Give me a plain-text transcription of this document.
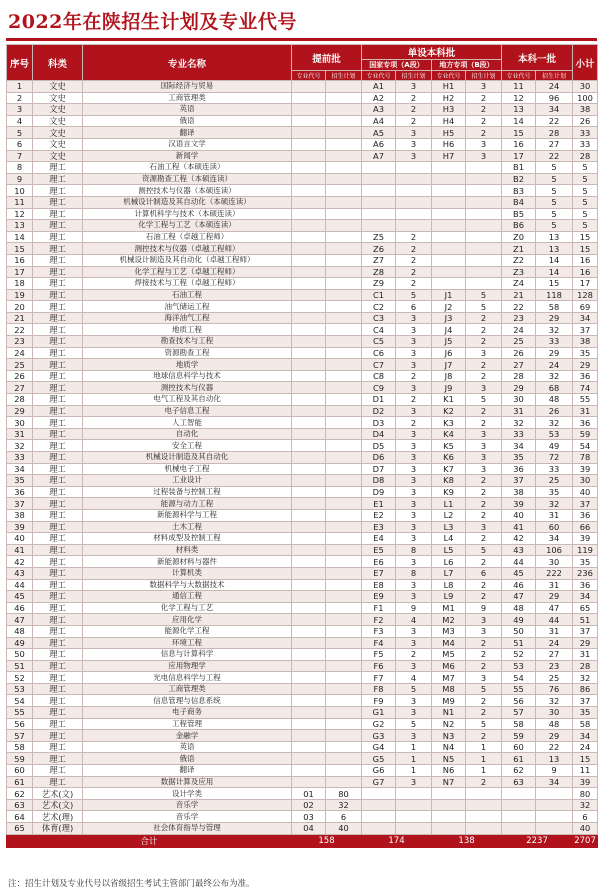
2022年在陕招生计划及专业代号
序号	科类	专业名称	提前批		单设本科批				本科一批		小计
					国家专项（A段）		地方专项（B段）				
			专业代号	招生计划	专业代号	招生计划	专业代号	招生计划	专业代号	招生计划	
1	文史	国际经济与贸易			A1	3	H1	3	11	24	30
2	文史	工商管理类			A2	2	H2	2	12	96	100
3	文史	英语			A3	2	H3	2	13	34	38
4	文史	俄语			A4	2	H4	2	14	22	26
5	文史	翻译			A5	3	H5	2	15	28	33
6	文史	汉语言文学			A6	3	H6	3	16	27	33
7	文史	新闻学			A7	3	H7	3	17	22	28
8	理工	石油工程（本硕连读）							B1	5	5
9	理工	资源勘查工程（本硕连读）							B2	5	5
10	理工	测控技术与仪器（本硕连读）							B3	5	5
11	理工	机械设计制造及其自动化（本硕连读）							B4	5	5
12	理工	计算机科学与技术（本硕连读）							B5	5	5
13	理工	化学工程与工艺（本硕连读）							B6	5	5
14	理工	石油工程（卓越工程师）			Z5	2			Z0	13	15
15	理工	测控技术与仪器（卓越工程师）			Z6	2			Z1	13	15
16	理工	机械设计制造及其自动化（卓越工程师）			Z7	2			Z2	14	16
17	理工	化学工程与工艺（卓越工程师）			Z8	2			Z3	14	16
18	理工	焊接技术与工程（卓越工程师）			Z9	2			Z4	15	17
19	理工	石油工程			C1	5	J1	5	21	118	128
20	理工	油气储运工程			C2	6	J2	5	22	58	69
21	理工	海洋油气工程			C3	3	J3	2	23	29	34
22	理工	地质工程			C4	3	J4	2	24	32	37
23	理工	勘查技术与工程			C5	3	J5	2	25	33	38
24	理工	资源勘查工程			C6	3	J6	3	26	29	35
25	理工	地质学			C7	3	J7	2	27	24	29
26	理工	地球信息科学与技术			C8	2	J8	2	28	32	36
27	理工	测控技术与仪器			C9	3	J9	3	29	68	74
28	理工	电气工程及其自动化			D1	2	K1	5	30	48	55
29	理工	电子信息工程			D2	3	K2	2	31	26	31
30	理工	人工智能			D3	2	K3	2	32	32	36
31	理工	自动化			D4	3	K4	3	33	53	59
32	理工	安全工程			D5	3	K5	3	34	49	54
33	理工	机械设计制造及其自动化			D6	3	K6	3	35	72	78
34	理工	机械电子工程			D7	3	K7	3	36	33	39
35	理工	工业设计			D8	3	K8	2	37	25	30
36	理工	过程装备与控制工程			D9	3	K9	2	38	35	40
37	理工	能源与动力工程			E1	3	L1	2	39	32	37
38	理工	新能源科学与工程			E2	3	L2	2	40	31	36
39	理工	土木工程			E3	3	L3	3	41	60	66
40	理工	材料成型及控制工程			E4	3	L4	2	42	34	39
41	理工	材料类			E5	8	L5	5	43	106	119
42	理工	新能源材料与器件			E6	3	L6	2	44	30	35
43	理工	计算机类			E7	8	L7	6	45	222	236
44	理工	数据科学与大数据技术			E8	3	L8	2	46	31	36
45	理工	通信工程			E9	3	L9	2	47	29	34
46	理工	化学工程与工艺			F1	9	M1	9	48	47	65
47	理工	应用化学			F2	4	M2	3	49	44	51
48	理工	能源化学工程			F3	3	M3	3	50	31	37
49	理工	环境工程			F4	3	M4	2	51	24	29
50	理工	信息与计算科学			F5	2	M5	2	52	27	31
51	理工	应用物理学			F6	3	M6	2	53	23	28
52	理工	光电信息科学与工程			F7	4	M7	3	54	25	32
53	理工	工商管理类			F8	5	M8	5	55	76	86
54	理工	信息管理与信息系统			F9	3	M9	2	56	32	37
55	理工	电子商务			G1	3	N1	2	57	30	35
56	理工	工程管理			G2	5	N2	5	58	48	58
57	理工	金融学			G3	3	N3	2	59	29	34
58	理工	英语			G4	1	N4	1	60	22	24
59	理工	俄语			G5	1	N5	1	61	13	15
60	理工	翻译			G6	1	N6	1	62	9	11
61	理工	数据计算及应用			G7	3	N7	2	63	34	39
62	艺术(文)	设计学类	01	80							80
63	艺术(文)	音乐学	02	32							32
64	艺术(理)	音乐学	03	6							6
65	体育(理)	社会体育指导与管理	04	40							40
合计			158		174		138		2237		2707
注：招生计划及专业代号以省级招生考试主管部门最终公布为准。
